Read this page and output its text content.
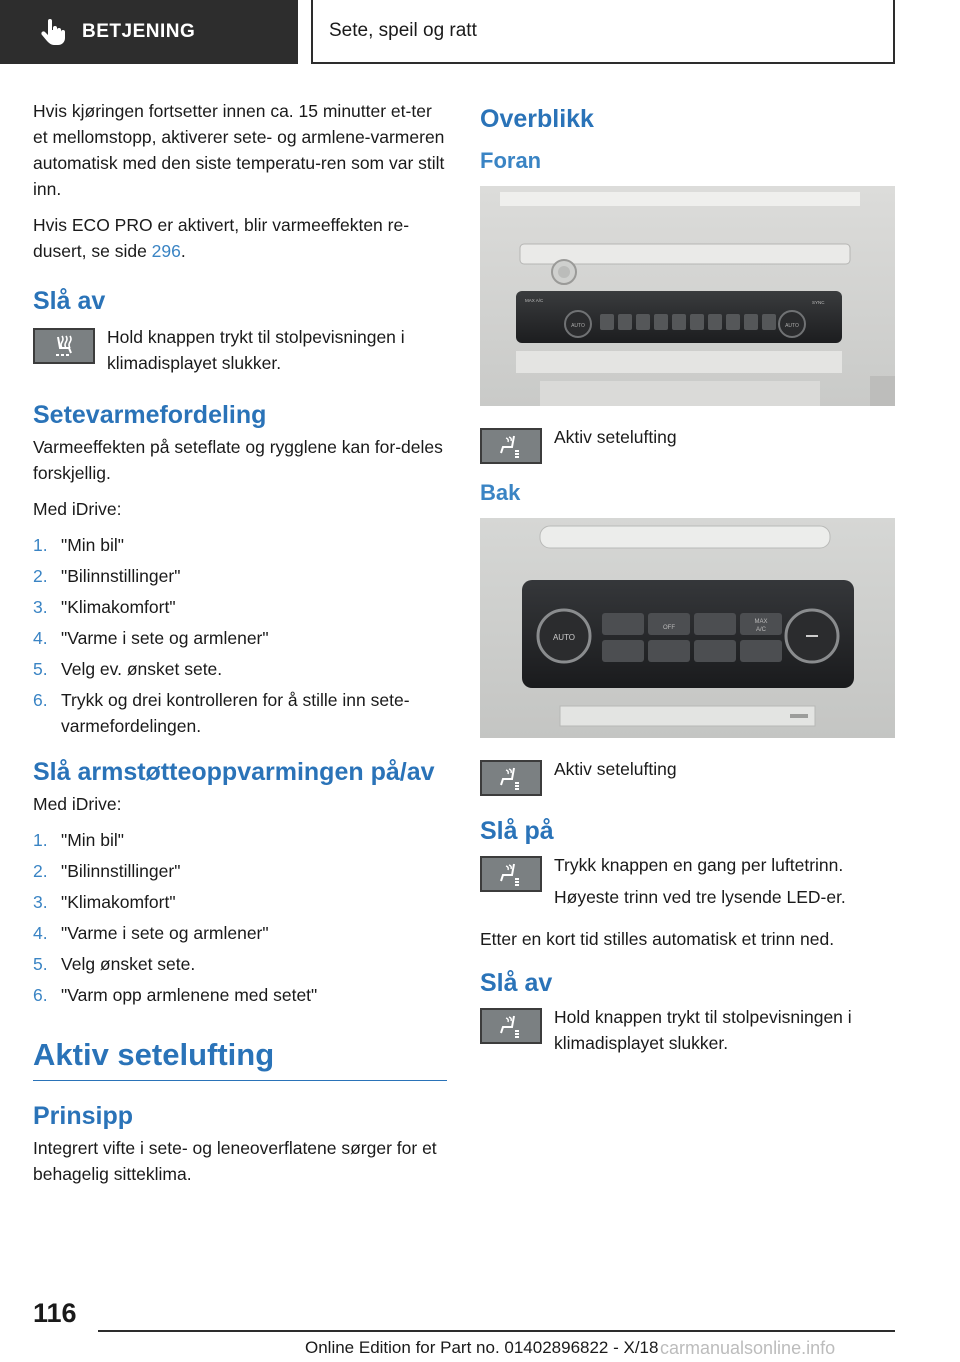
BETJENING	Sete, speil og ratt

Hvis kjøringen fortsetter innen ca. 15 minutter et-ter et mellomstopp, aktiverer sete- og armlene-varmeren automatisk med den siste temperatu-ren som var stilt inn.

Hvis ECO PRO er aktivert, blir varmeeffekten re-dusert, se side 296.

Slå av

Hold knappen trykt til stolpevisningen i klimadisplayet slukker.

Setevarmefordeling

Varmeeffekten på seteflate og rygglene kan for-deles forskjellig.

Med iDrive:

1. "Min bil"
2. "Bilinnstillinger"
3. "Klimakomfort"
4. "Varme i sete og armlener"
5. Velg ev. ønsket sete.
6. Trykk og drei kontrolleren for å stille inn sete-varmefordelingen.
Slå armstøtteoppvarmingen på/av

Med iDrive:

1. "Min bil"
2. "Bilinnstillinger"
3. "Klimakomfort"
4. "Varme i sete og armlener"
5. Velg ønsket sete.
6. "Varm opp armlenene med setet"
Aktiv setelufting
Prinsipp

Integrert vifte i sete- og leneoverflatene sørger for et behagelig sitteklima.

Overblikk
Foran
AUTO	AUTO
MAX A/C	SYNC

Aktiv setelufting

Bak
AUTO
OFF
MAX
A/C

Aktiv setelufting

Slå på

Trykk knappen en gang per luftetrinn.

Høyeste trinn ved tre lysende LED-er.

Etter en kort tid stilles automatisk et trinn ned.

Slå av

Hold knappen trykt til stolpevisningen i klimadisplayet slukker.

116
Online Edition for Part no. 01402896822 - X/18 carmanualsonline.info
